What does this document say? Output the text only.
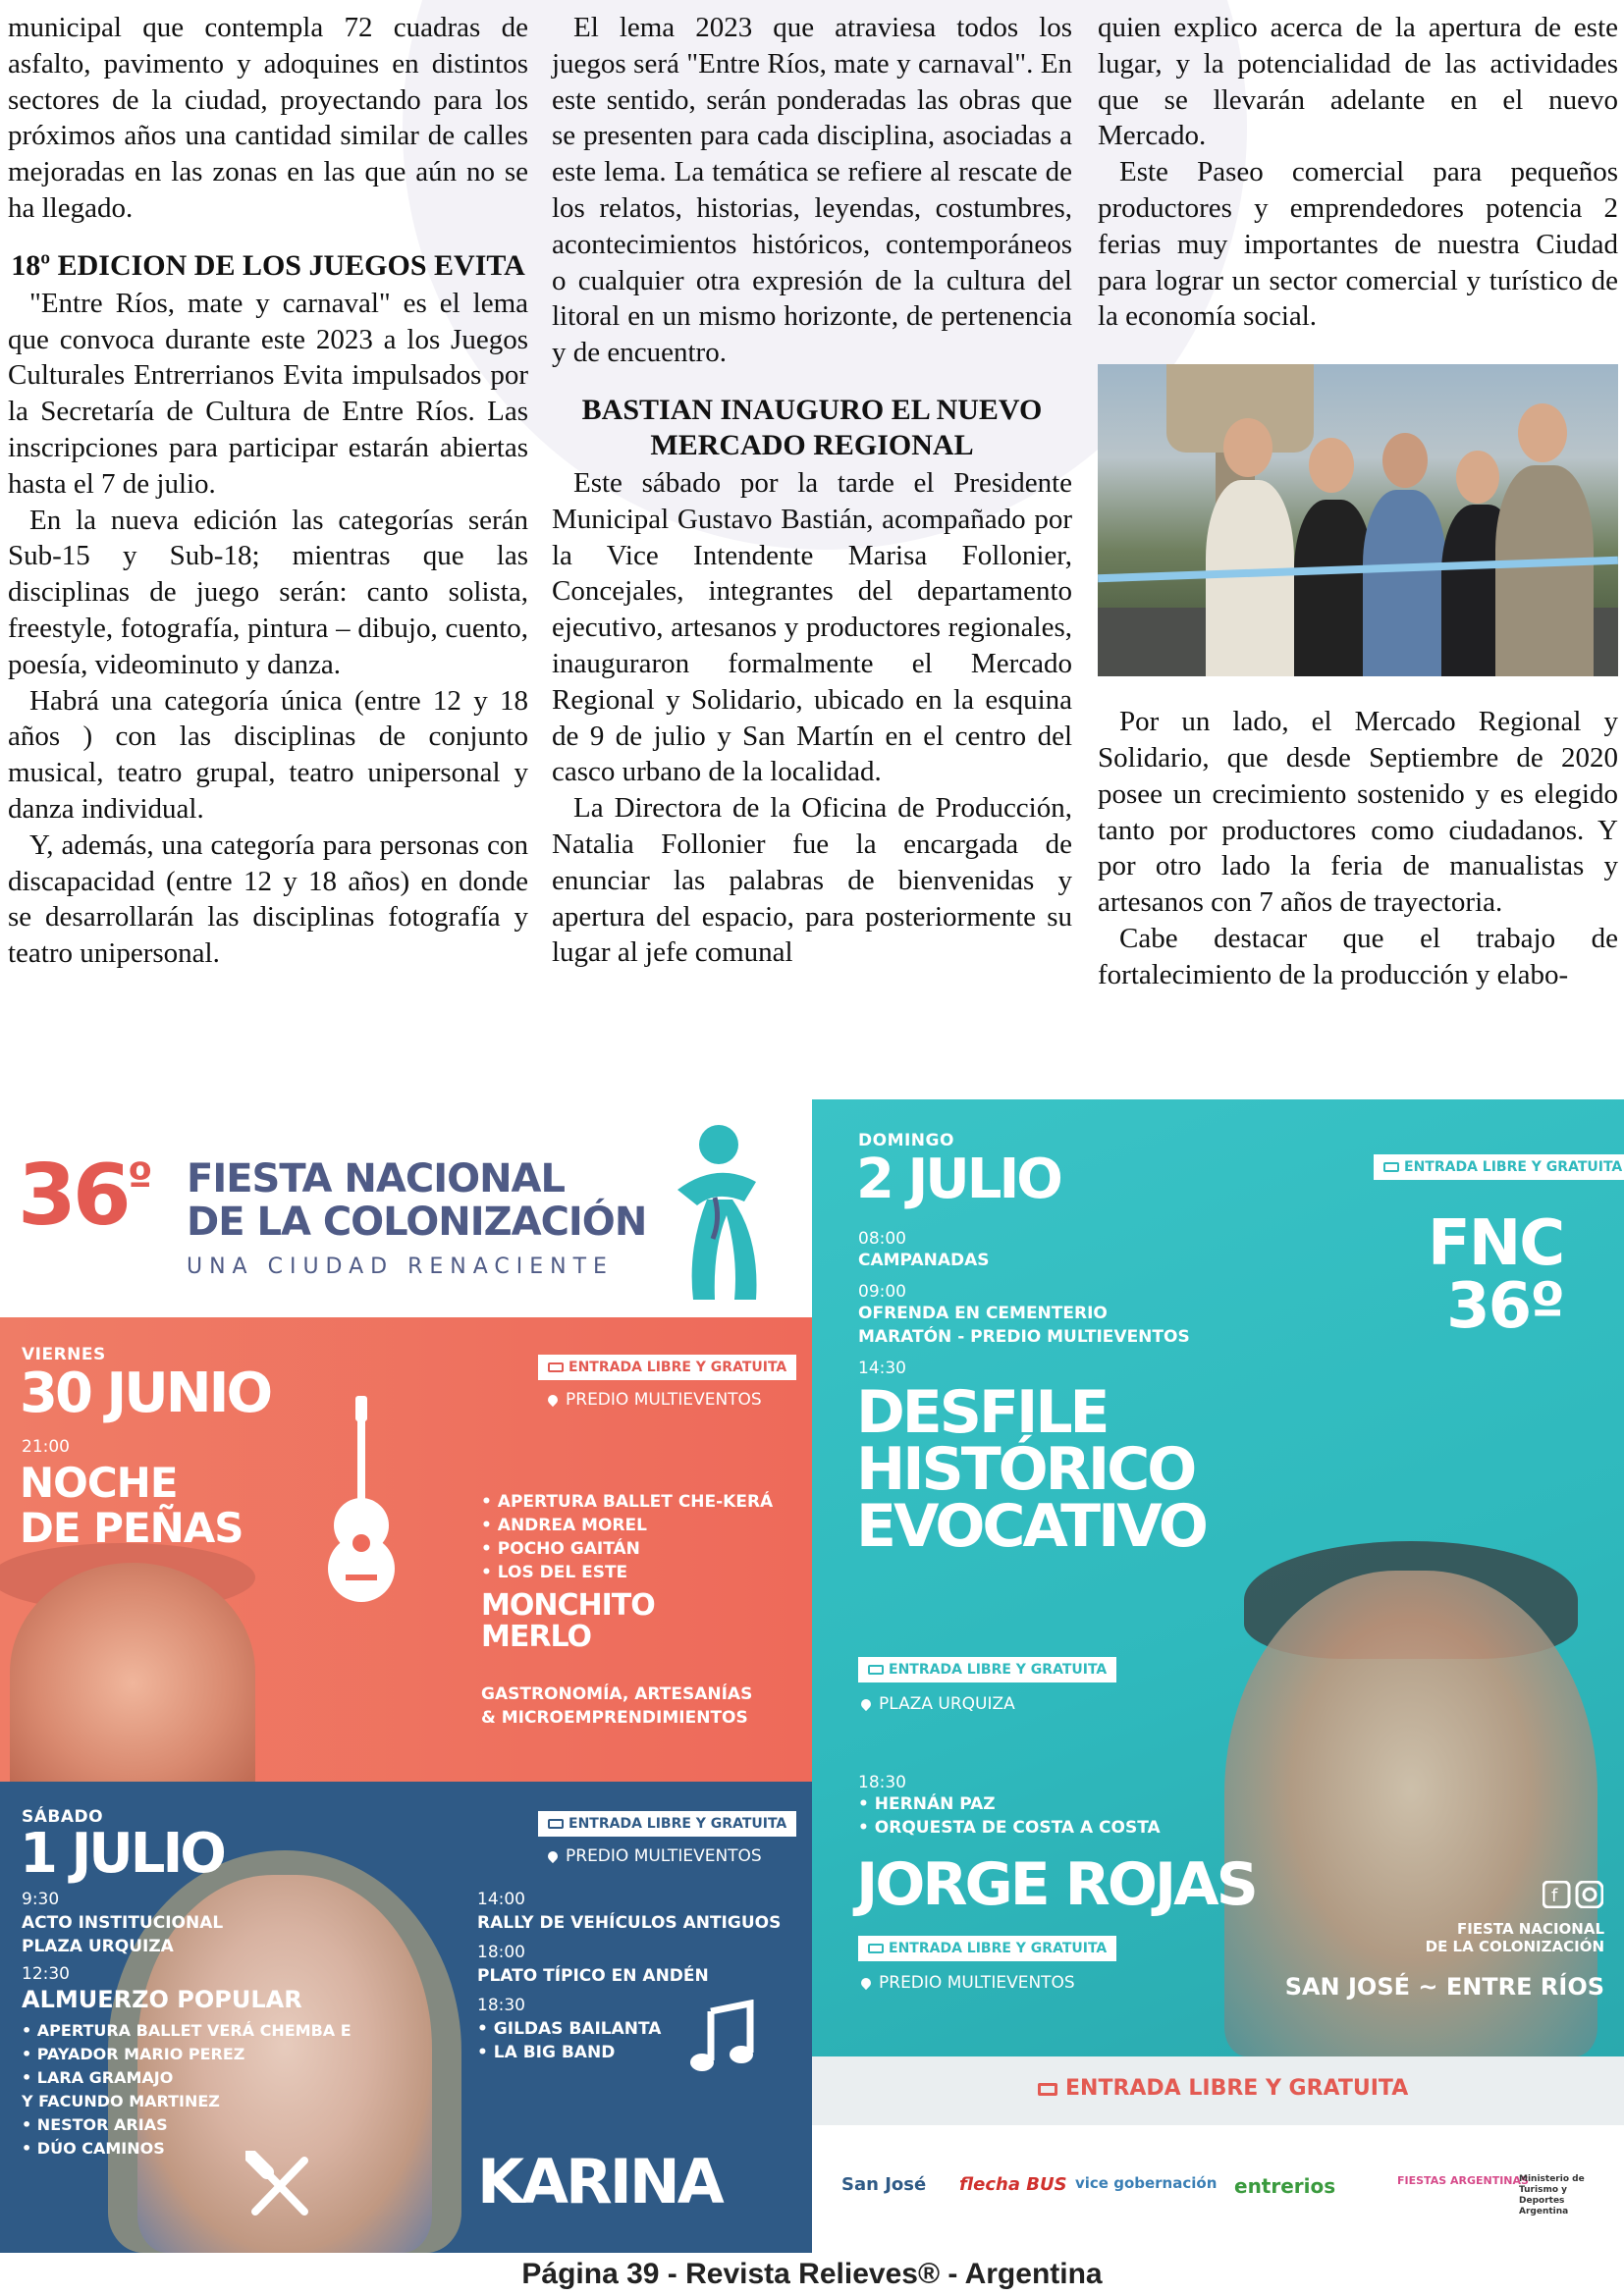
municipal que contempla 72 cuadras de asfalto, pavimento y adoquines en distintos sectores de la ciudad, proyectando para los próximos años una cantidad similar de calles mejoradas en las zonas en las que aún no se ha llegado.

18º EDICION DE LOS JUEGOS EVITA

"Entre Ríos, mate y carnaval" es el lema que convoca durante este 2023 a los Juegos Culturales Entrerrianos Evita impulsados por la Secretaría de Cultura de Entre Ríos. Las inscripciones para participar estarán abiertas hasta el 7 de julio.

En la nueva edición las categorías serán Sub-15 y Sub-18; mientras que las disciplinas de juego serán: canto solista, freestyle, fotografía, pintura – dibujo, cuento, poesía, videominuto y danza.

Habrá una categoría única (entre 12 y 18 años ) con las disciplinas de conjunto musical, teatro grupal, teatro unipersonal y danza individual.

Y, además, una categoría para personas con discapacidad (entre 12 y 18 años) en donde se desarrollarán las disciplinas fotografía y teatro unipersonal.

El lema 2023 que atraviesa todos los juegos será "Entre Ríos, mate y carnaval". En este sentido, serán ponderadas las obras que se presenten para cada disciplina, asociadas a este lema. La temática se refiere al rescate de los relatos, historias, leyendas, costumbres, acontecimientos históricos, contemporáneos o cualquier otra expresión de la cultura del litoral en un mismo horizonte, de pertenencia y de encuentro.

BASTIAN INAUGURO EL NUEVO MERCADO REGIONAL

Este sábado por la tarde el Presidente Municipal Gustavo Bastián, acompañado por la Vice Intendente Marisa Follonier, Concejales, integrantes del departamento ejecutivo, artesanos y productores regionales, inauguraron formalmente el Mercado Regional y Solidario, ubicado en la esquina de 9 de julio y San Martín en el centro del casco urbano de la localidad.

La Directora de la Oficina de Producción, Natalia Follonier fue la encargada de enunciar las palabras de bienvenidas y apertura del espacio, para posteriormente su lugar al jefe comunal

quien explico acerca de la apertura de este lugar, y la potencialidad de las actividades que se llevarán adelante en el nuevo Mercado.

Este Paseo comercial para pequeños productores y emprendedores potencia 2 ferias muy importantes de nuestra Ciudad para lograr un sector comercial y turístico de la economía social.

Por un lado, el Mercado Regional y Solidario, que desde Septiembre de 2020 posee un crecimiento sostenido y es elegido tanto por productores como ciudadanos. Y por otro lado la feria de manualistas y artesanos con 7 años de trayectoria.

Cabe destacar que el trabajo de fortalecimiento de la producción y elabo-

$36^º$ FIESTA NACIONAL
DE LA COLONIZACIÓN
UNA CIUDAD RENACIENTE
VIERNES
30 JUNIO
21:00
NOCHE
DE PEÑAS
ENTRADA LIBRE Y GRATUITA
PREDIO MULTIEVENTOS
• APERTURA BALLET CHE-KERÁ
• ANDREA MOREL
• POCHO GAITÁN
• LOS DEL ESTE
MONCHITO
MERLO
GASTRONOMÍA, ARTESANÍAS
& MICROEMPRENDIMIENTOS
SÁBADO
1 JULIO
9:30
ACTO INSTITUCIONAL
PLAZA URQUIZA
12:30
ALMUERZO POPULAR
• APERTURA BALLET VERÁ CHEMBA E
• PAYADOR MARIO PEREZ
• LARA GRAMAJO
Y FACUNDO MARTINEZ
• NESTOR ARIAS
• DÚO CAMINOS
ENTRADA LIBRE Y GRATUITA
PREDIO MULTIEVENTOS
14:00
RALLY DE VEHÍCULOS ANTIGUOS
18:00
PLATO TÍPICO EN ANDÉN
18:30
• GILDAS BAILANTA
• LA BIG BAND
KARINA
DOMINGO
2 JULIO	ENTRADA LIBRE Y GRATUITA
FNC
36º
08:00
CAMPANADAS
09:00
OFRENDA EN CEMENTERIO
MARATÓN - PREDIO MULTIEVENTOS
14:30
DESFILE
HISTÓRICO
EVOCATIVO
ENTRADA LIBRE Y GRATUITA
PLAZA URQUIZA
18:30
• HERNÁN PAZ
• ORQUESTA DE COSTA A COSTA
JORGE ROJAS
ENTRADA LIBRE Y GRATUITA
PREDIO MULTIEVENTOS
f
FIESTA NACIONAL
DE LA COLONIZACIÓN
SAN JOSÉ ~ ENTRE RÍOS
ENTRADA LIBRE Y GRATUITA
San José flecha BUS vice gobernación entrerios	FIESTAS ARGENTINAS
Ministerio de Turismo y Deportes Argentina
Página 39 - Revista Relieves® - Argentina
